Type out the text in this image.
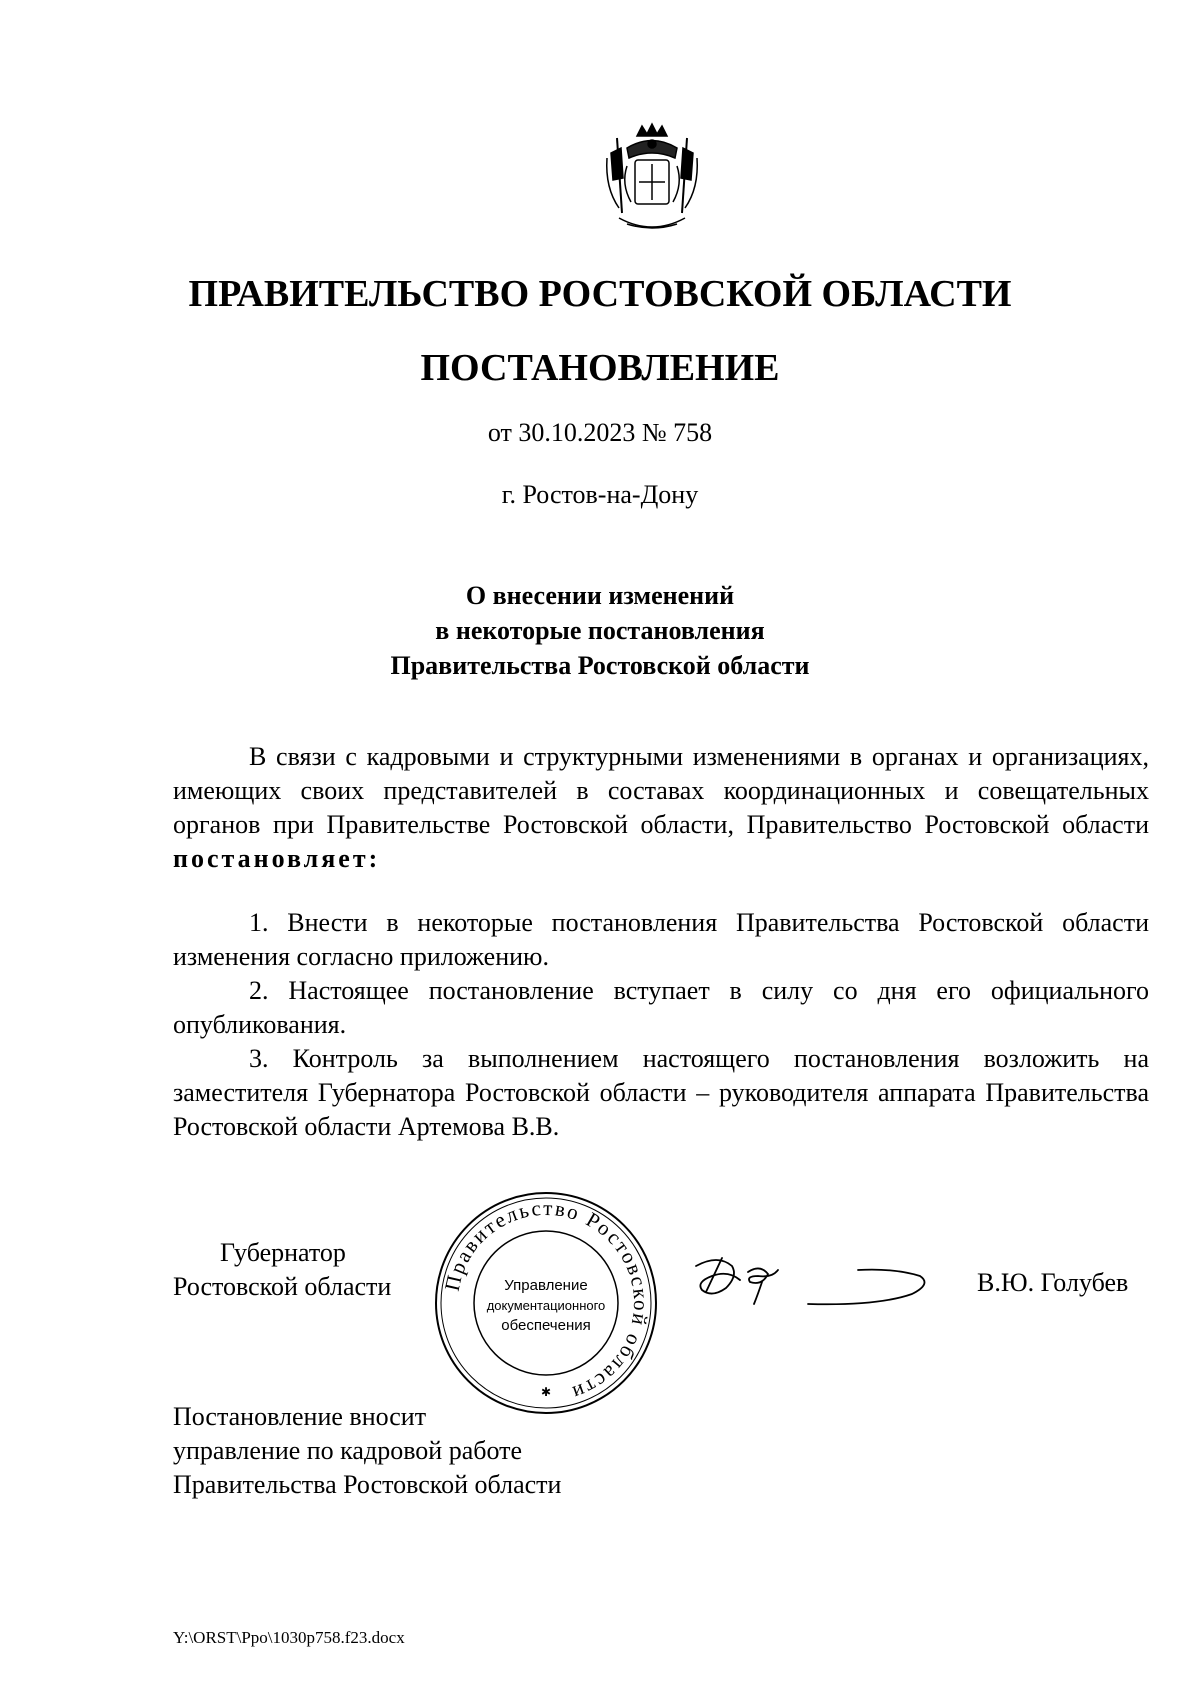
ПРАВИТЕЛЬСТВО РОСТОВСКОЙ ОБЛАСТИ
ПОСТАНОВЛЕНИЕ
от 30.10.2023 № 758
г. Ростов-на-Дону
О внесении изменений
в некоторые постановления
Правительства Ростовской области

В связи с кадровыми и структурными изменениями в органах и организациях, имеющих своих представителей в составах координационных и совещательных органов при Правительстве Ростовской области, Правительство Ростовской области постановляет:

1. Внести в некоторые постановления Правительства Ростовской области изменения согласно приложению.

2. Настоящее постановление вступает в силу со дня его официального опубликования.

3. Контроль за выполнением настоящего постановления возложить на заместителя Губернатора Ростовской области – руководителя аппарата Правительства Ростовской области Артемова В.В.

Губернатор
Ростовской области	Правительство Ростовской области
Управление
документационного
обеспечения
✱
В.Ю. Голубев
Постановление вносит
управление по кадровой работе
Правительства Ростовской области
Y:\ORST\Ppo\1030p758.f23.docx
